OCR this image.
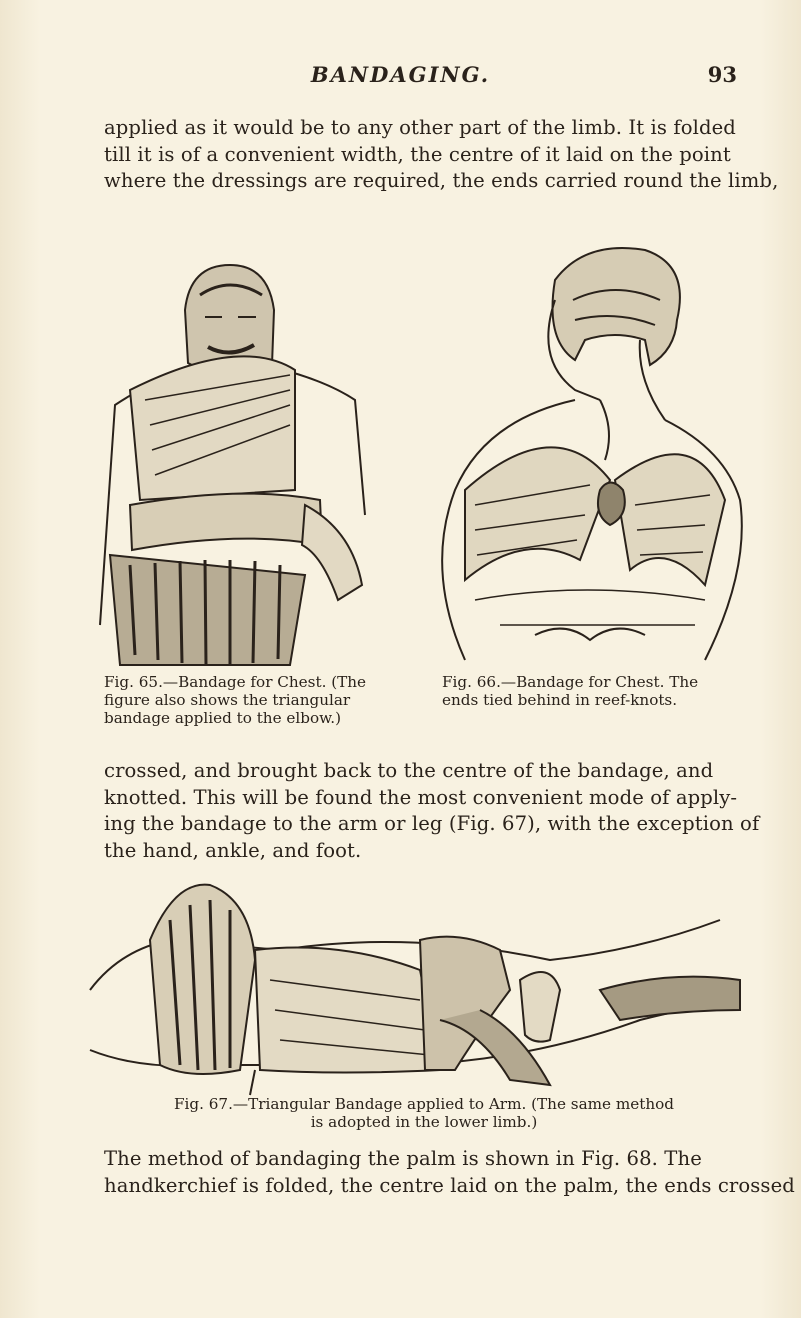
BANDAGING.	93
applied as it would be to any other part of the limb. It is folded
till it is of a convenient width, the centre of it laid on the point
where the dressings are required, the ends carried round the limb,
Fig. 65.—Bandage for Chest. (The
figure also shows the triangular
bandage applied to the elbow.)
Fig. 66.—Bandage for Chest. The
ends tied behind in reef-knots.
crossed, and brought back to the centre of the bandage, and
knotted. This will be found the most convenient mode of apply-
ing the bandage to the arm or leg (Fig. 67), with the exception of
the hand, ankle, and foot.
Fig. 67.—Triangular Bandage applied to Arm. (The same method
is adopted in the lower limb.)
The method of bandaging the palm is shown in Fig. 68. The
handkerchief is folded, the centre laid on the palm, the ends crossed
